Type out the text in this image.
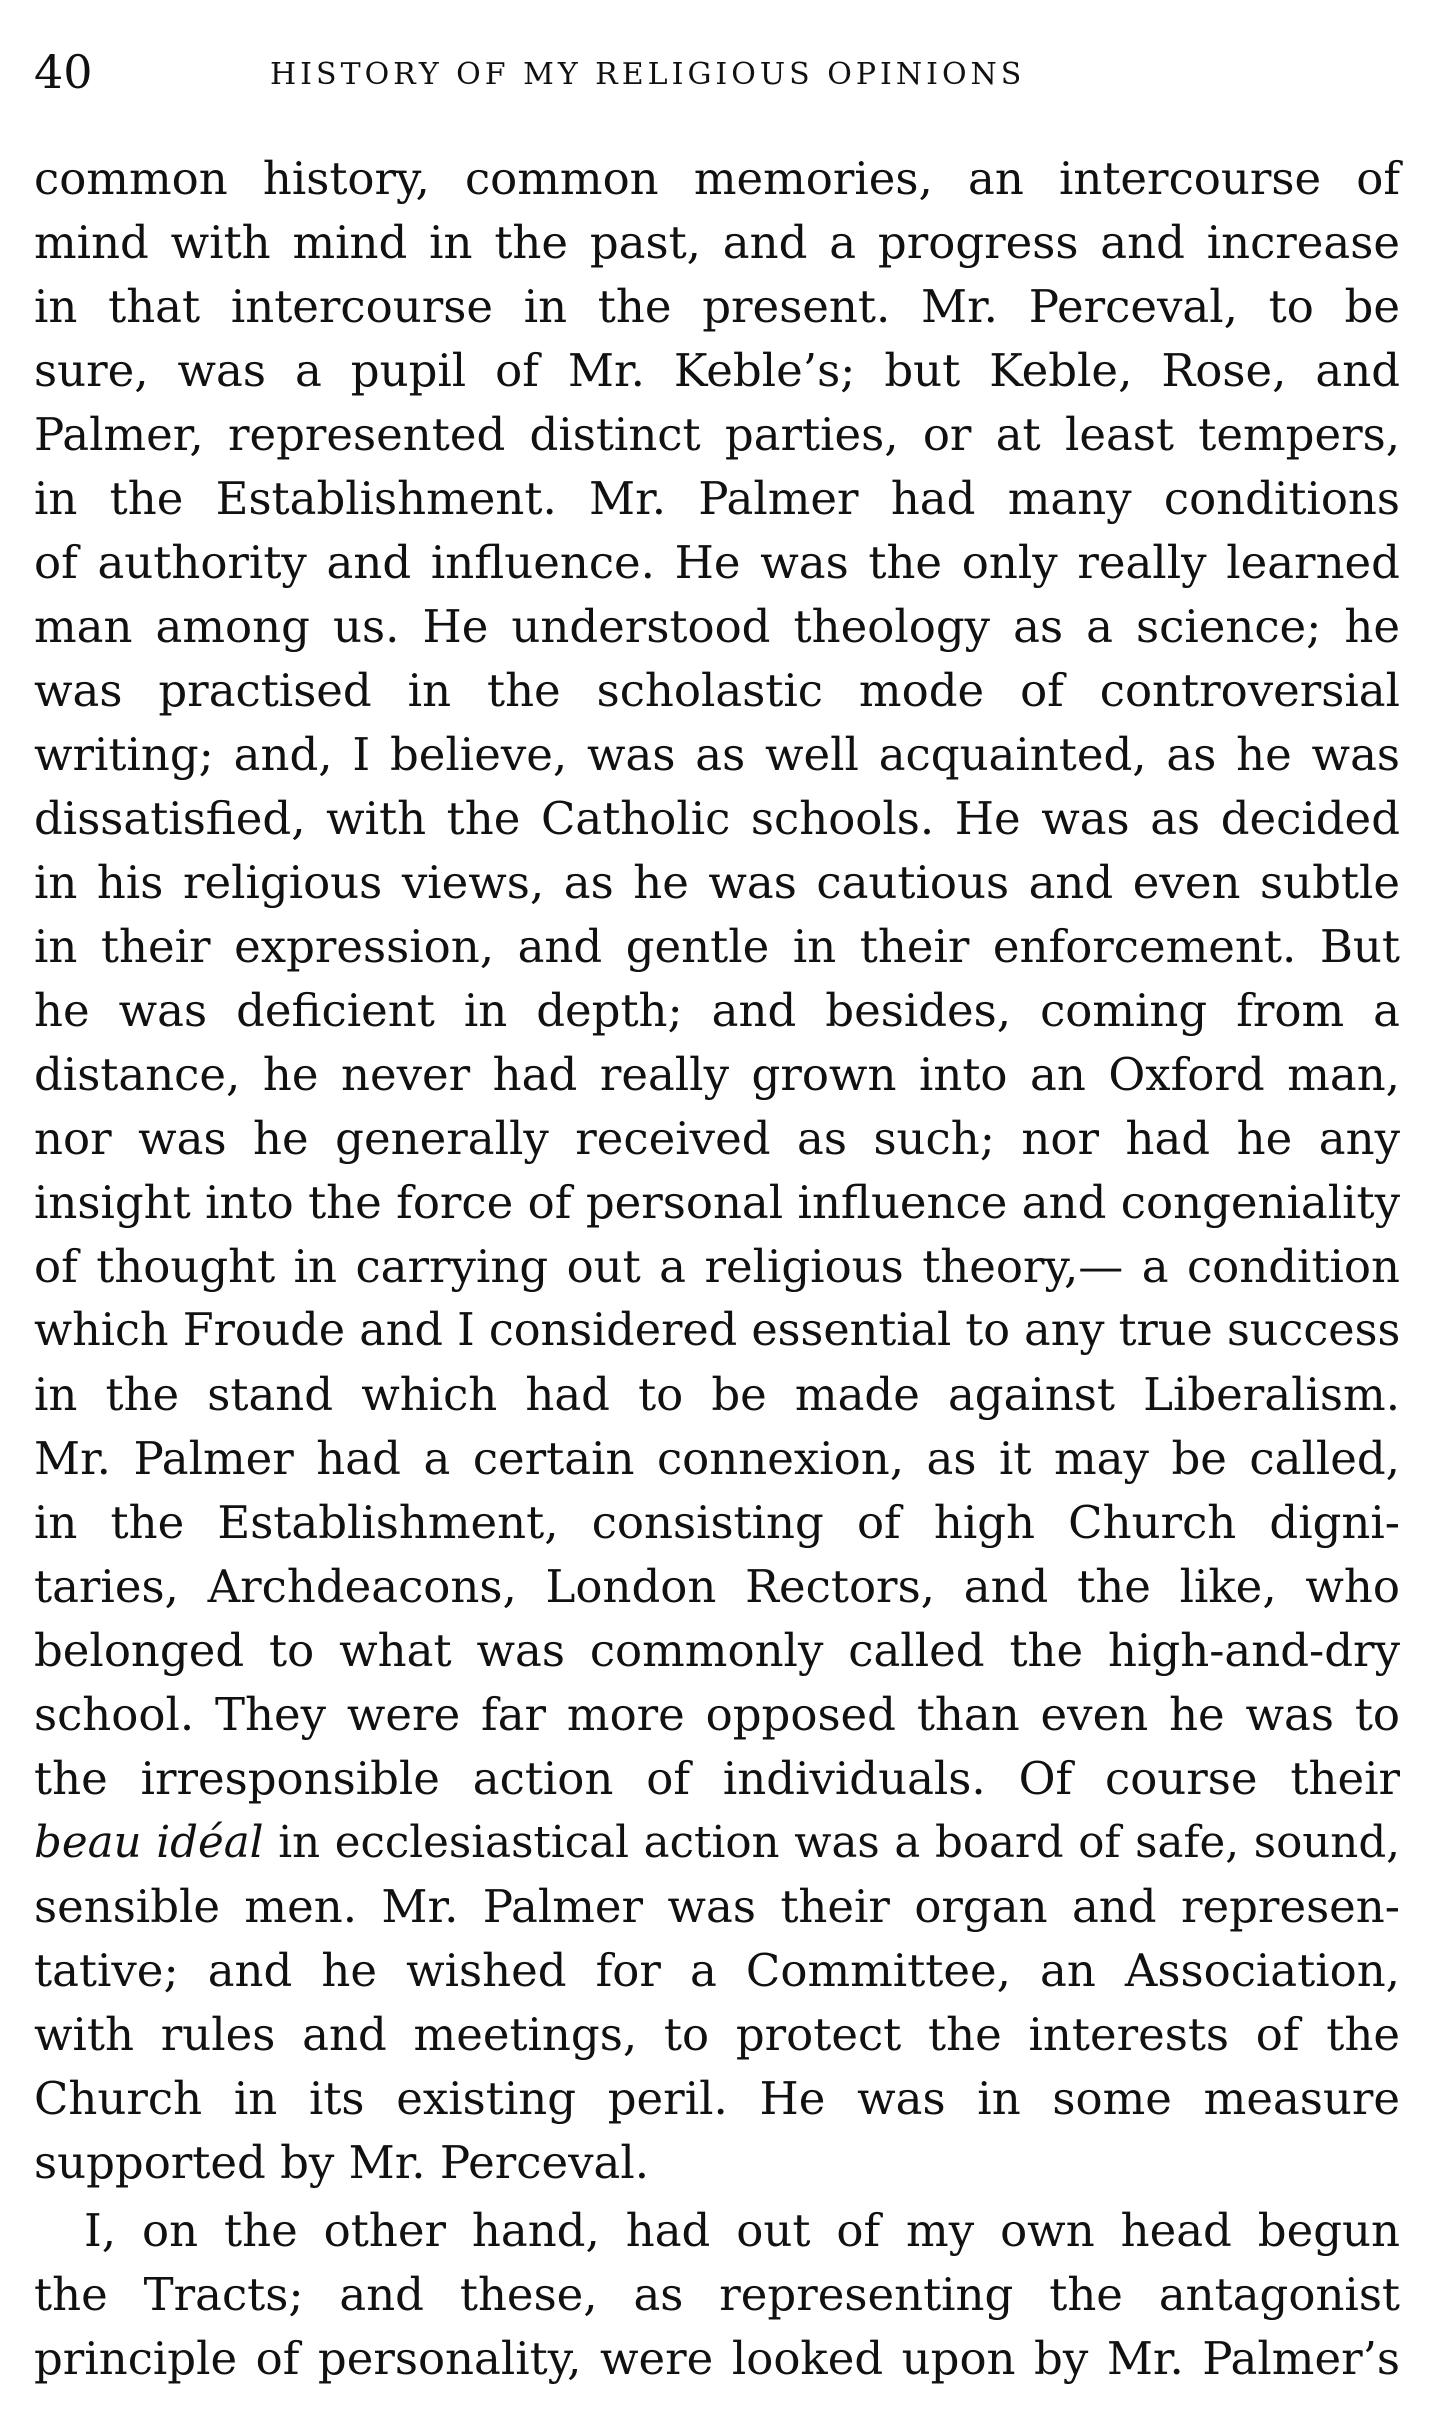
40	HISTORY OF MY RELIGIOUS OPINIONS
common history, common memories, an intercourse of
mind with mind in the past, and a progress and increase
in that intercourse in the present. Mr. Perceval, to be
sure, was a pupil of Mr. Keble’s; but Keble, Rose, and
Palmer, represented distinct parties, or at least tempers,
in the Establishment. Mr. Palmer had many conditions
of authority and influence. He was the only really learned
man among us. He understood theology as a science; he
was practised in the scholastic mode of controversial
writing; and, I believe, was as well acquainted, as he was
dissatisfied, with the Catholic schools. He was as decided
in his religious views, as he was cautious and even subtle
in their expression, and gentle in their enforcement. But
he was deficient in depth; and besides, coming from a
distance, he never had really grown into an Oxford man,
nor was he generally received as such; nor had he any
insight into the force of personal influence and congeniality
of thought in carrying out a religious theory,— a condition
which Froude and I considered essential to any true success
in the stand which had to be made against Liberalism.
Mr. Palmer had a certain connexion, as it may be called,
in the Establishment, consisting of high Church digni-
taries, Archdeacons, London Rectors, and the like, who
belonged to what was commonly called the high-and-dry
school. They were far more opposed than even he was to
the irresponsible action of individuals. Of course their
beau idéal in ecclesiastical action was a board of safe, sound,
sensible men. Mr. Palmer was their organ and represen-
tative; and he wished for a Committee, an Association,
with rules and meetings, to protect the interests of the
Church in its existing peril. He was in some measure
supported by Mr. Perceval.
I, on the other hand, had out of my own head begun
the Tracts; and these, as representing the antagonist
principle of personality, were looked upon by Mr. Palmer’s
